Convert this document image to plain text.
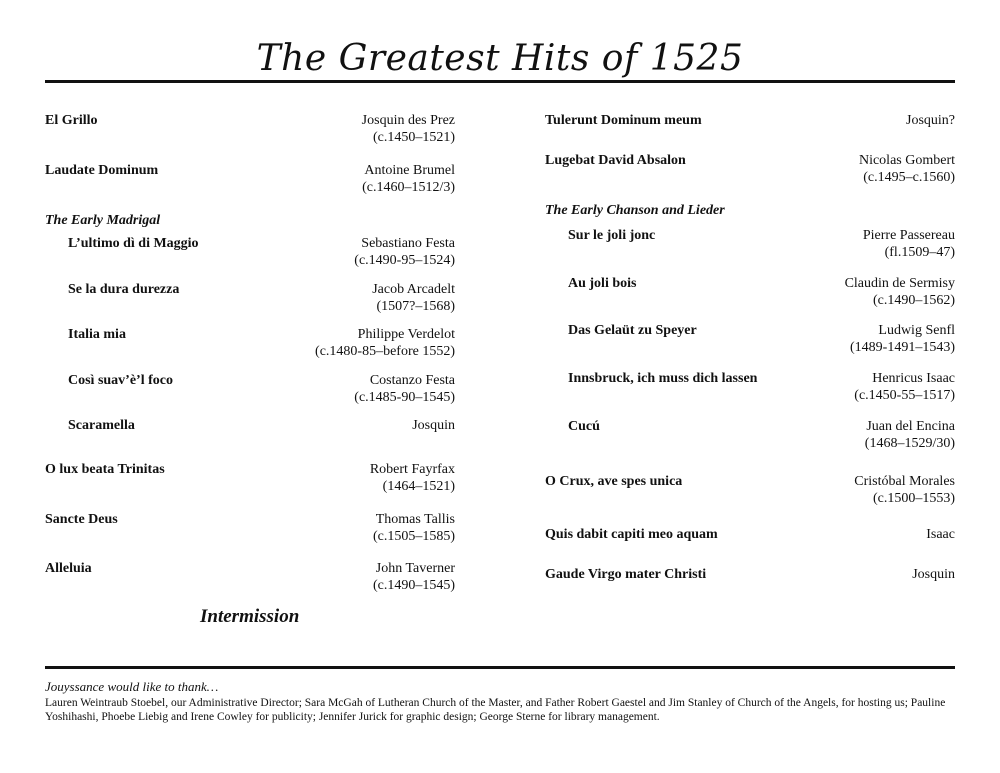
The Greatest Hits of 1525
El Grillo	Josquin des Prez
(c.1450–1521)
Laudate Dominum	Antoine Brumel
(c.1460–1512/3)
The Early Madrigal
L’ultimo dì di Maggio	Sebastiano Festa
(c.1490-95–1524)
Se la dura durezza	Jacob Arcadelt
(1507?–1568)
Italia mia	Philippe Verdelot
(c.1480-85–before 1552)
Così suav’è’l foco	Costanzo Festa
(c.1485-90–1545)
Scaramella	Josquin
O lux beata Trinitas	Robert Fayrfax
(1464–1521)
Sancte Deus	Thomas Tallis
(c.1505–1585)
Alleluia	John Taverner
(c.1490–1545)
Intermission
Tulerunt Dominum meum	Josquin?
Lugebat David Absalon	Nicolas Gombert
(c.1495–c.1560)
The Early Chanson and Lieder
Sur le joli jonc	Pierre Passereau
(fl.1509–47)
Au joli bois	Claudin de Sermisy
(c.1490–1562)
Das Gelaüt zu Speyer	Ludwig Senfl
(1489-1491–1543)
Innsbruck, ich muss dich lassen	Henricus Isaac
(c.1450-55–1517)
Cucú	Juan del Encina
(1468–1529/30)
O Crux, ave spes unica	Cristóbal Morales
(c.1500–1553)
Quis dabit capiti meo aquam	Isaac
Gaude Virgo mater Christi	Josquin
Jouyssance would like to thank…
Lauren Weintraub Stoebel, our Administrative Director; Sara McGah of Lutheran Church of the Master, and Father Robert Gaestel and Jim Stanley of Church of the Angels, for hosting us; Pauline Yoshihashi, Phoebe Liebig and Irene Cowley for publicity; Jennifer Jurick for graphic design; George Sterne for library management.
